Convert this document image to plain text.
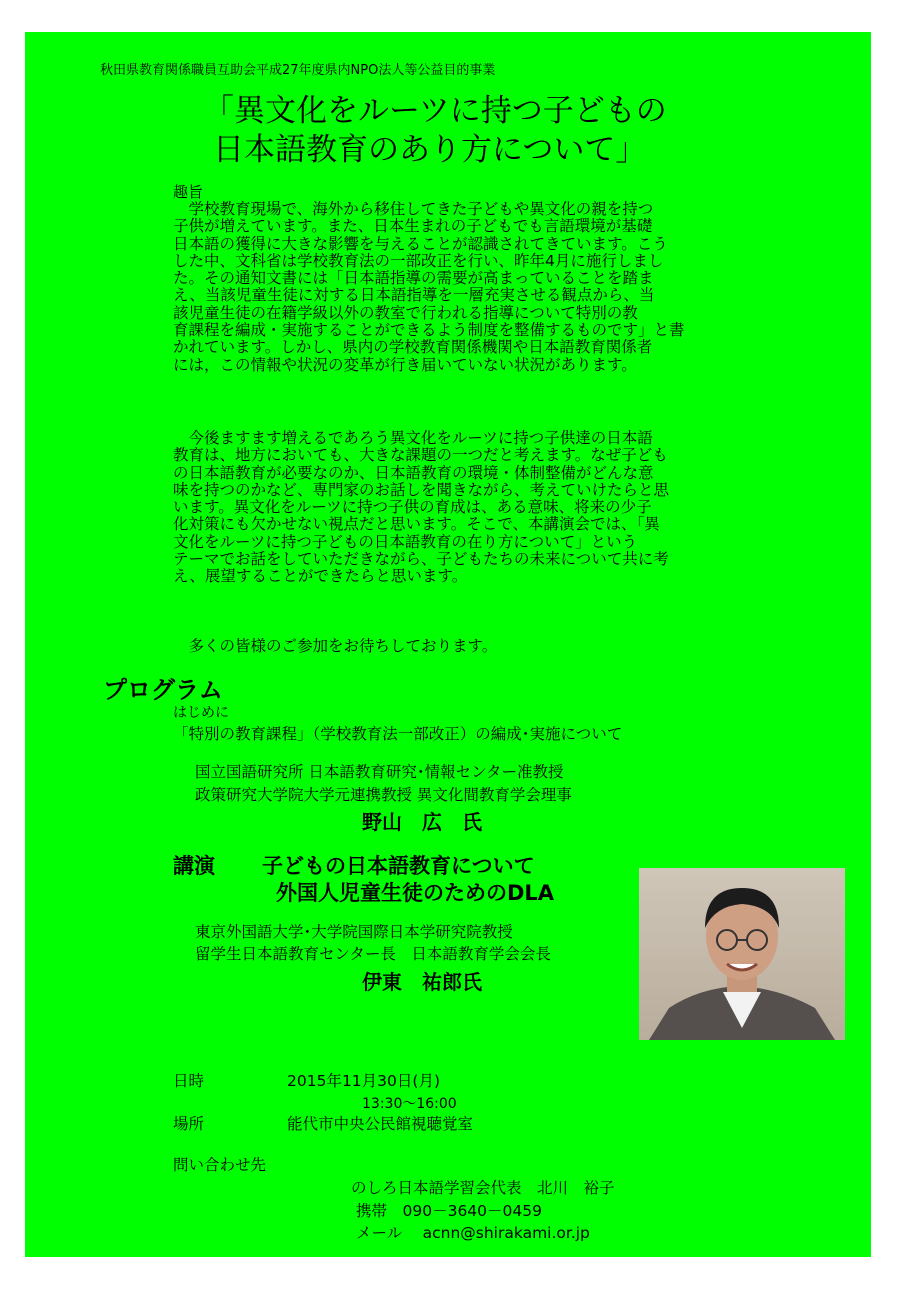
秋田県教育関係職員互助会平成27年度県内NPO法人等公益目的事業
「異文化をルーツに持つ子どもの
日本語教育のあり方について」
趣旨
　学校教育現場で、海外から移住してきた子どもや異文化の親を持つ
子供が増えています。また、日本生まれの子どもでも言語環境が基礎
日本語の獲得に大きな影響を与えることが認識されてきています。こう
した中、文科省は学校教育法の一部改正を行い、昨年4月に施行しまし
た。その通知文書には「日本語指導の需要が高まっていることを踏ま
え、当該児童生徒に対する日本語指導を一層充実させる観点から、当
該児童生徒の在籍学級以外の教室で行われる指導について特別の教
育課程を編成・実施することができるよう制度を整備するものです」と書
かれています。しかし、県内の学校教育関係機関や日本語教育関係者
には，この情報や状況の変革が行き届いていない状況があります。
　今後ますます増えるであろう異文化をルーツに持つ子供達の日本語
教育は、地方においても、大きな課題の一つだと考えます。なぜ子ども
の日本語教育が必要なのか、日本語教育の環境・体制整備がどんな意
味を持つのかなど、専門家のお話しを聞きながら、考えていけたらと思
います。異文化をルーツに持つ子供の育成は、ある意味、将来の少子
化対策にも欠かせない視点だと思います。そこで、本講演会では、「異
文化をルーツに持つ子どもの日本語教育の在り方について」という
テーマでお話をしていただきながら、子どもたちの未来について共に考
え、展望することができたらと思います。
　多くの皆様のご参加をお待ちしております。
プログラム
はじめに
「特別の教育課程」（学校教育法一部改正）の編成･実施について
国立国語研究所 日本語教育研究･情報センター准教授
政策研究大学院大学元連携教授 異文化間教育学会理事
野山　広　氏
講演 子どもの日本語教育について
外国人児童生徒のためのDLA
東京外国語大学･大学院国際日本学研究院教授
留学生日本語教育センター長　日本語教育学会会長
伊東　祐郎氏
日時	2015年11月30日(月)
13:30〜16:00
場所	能代市中央公民館視聴覚室
問い合わせ先
のしろ日本語学習会代表　北川　裕子
携帯　090－3640－0459
メール　 acnn@shirakami.or.jp
